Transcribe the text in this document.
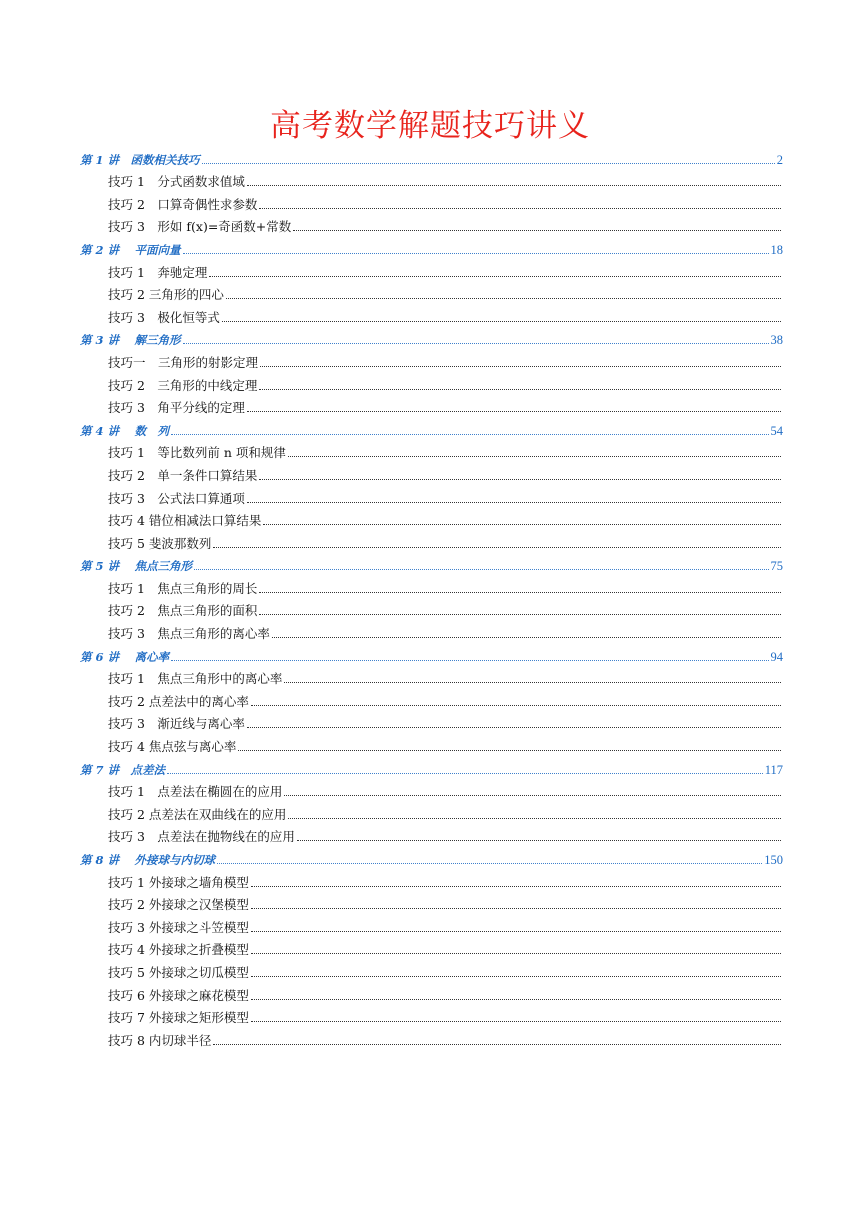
高考数学解题技巧讲义
第 1 讲　函数相关技巧	2
技巧 1　分式函数求值域
技巧 2　口算奇偶性求参数
技巧 3　形如 f(x)=奇函数+常数
第 2 讲　 平面向量	18
技巧 1　奔驰定理
技巧 2 三角形的四心
技巧 3　极化恒等式
第 3 讲　 解三角形	38
技巧一　三角形的射影定理
技巧 2　三角形的中线定理
技巧 3　角平分线的定理
第 4 讲　 数　列	54
技巧 1　等比数列前 n 项和规律
技巧 2　单一条件口算结果
技巧 3　公式法口算通项
技巧 4 错位相减法口算结果
技巧 5 斐波那数列
第 5 讲　 焦点三角形	75
技巧 1　焦点三角形的周长
技巧 2　焦点三角形的面积
技巧 3　焦点三角形的离心率
第 6 讲　 离心率	94
技巧 1　焦点三角形中的离心率
技巧 2 点差法中的离心率
技巧 3　渐近线与离心率
技巧 4 焦点弦与离心率
第 7 讲　点差法	117
技巧 1　点差法在椭圆在的应用
技巧 2 点差法在双曲线在的应用
技巧 3　点差法在抛物线在的应用
第 8 讲　 外接球与内切球	150
技巧 1 外接球之墙角模型
技巧 2 外接球之汉堡模型
技巧 3 外接球之斗笠模型
技巧 4 外接球之折叠模型
技巧 5 外接球之切瓜模型
技巧 6 外接球之麻花模型
技巧 7 外接球之矩形模型
技巧 8 内切球半径
